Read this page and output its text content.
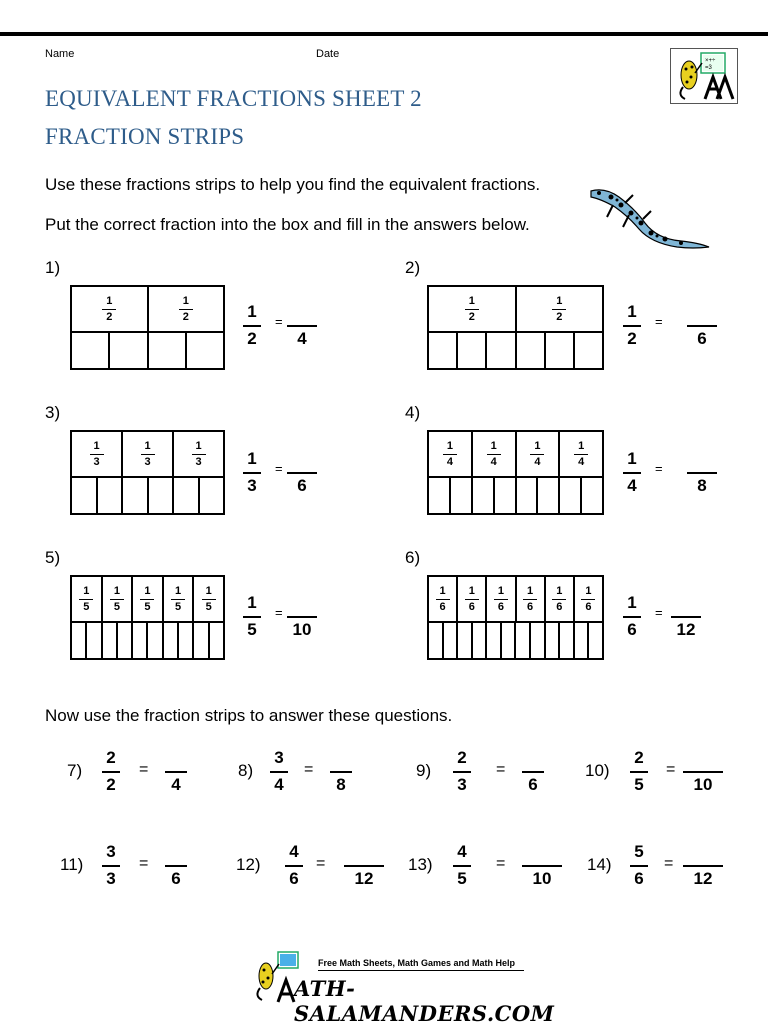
Name	Date
×+÷
=3
EQUIVALENT FRACTIONS SHEET 2
FRACTION STRIPS
Use these fractions strips to help you find the equivalent fractions.
Put the correct fraction into the box and fill in the answers below.
1)
1
2
1
2	1
2
=
4
2)
1
2
1
2	1
2
=
6
3)
1
3
1
3
1
3	1
3
=
6
4)
1
4
1
4
1
4
1
4	1
4
=
8
5)
1
5
1
5
1
5
1
5
1
5 1
5
=
10
6)
1
6
1
6
1
6
1
6
1
6
1
6 1
6
=
12
Now use the fraction strips to answer these questions.
7)
2
2
=
4
8)
3
4
=
8
9)
2
3
=
6
10)
2
5
=
10
11)
3
3
=
6
12)
4
6
=
12
13)
4
5
=
10
14)
5
6
=
12
Free Math Sheets, Math Games and Math Help
ATH-SALAMANDERS.COM
